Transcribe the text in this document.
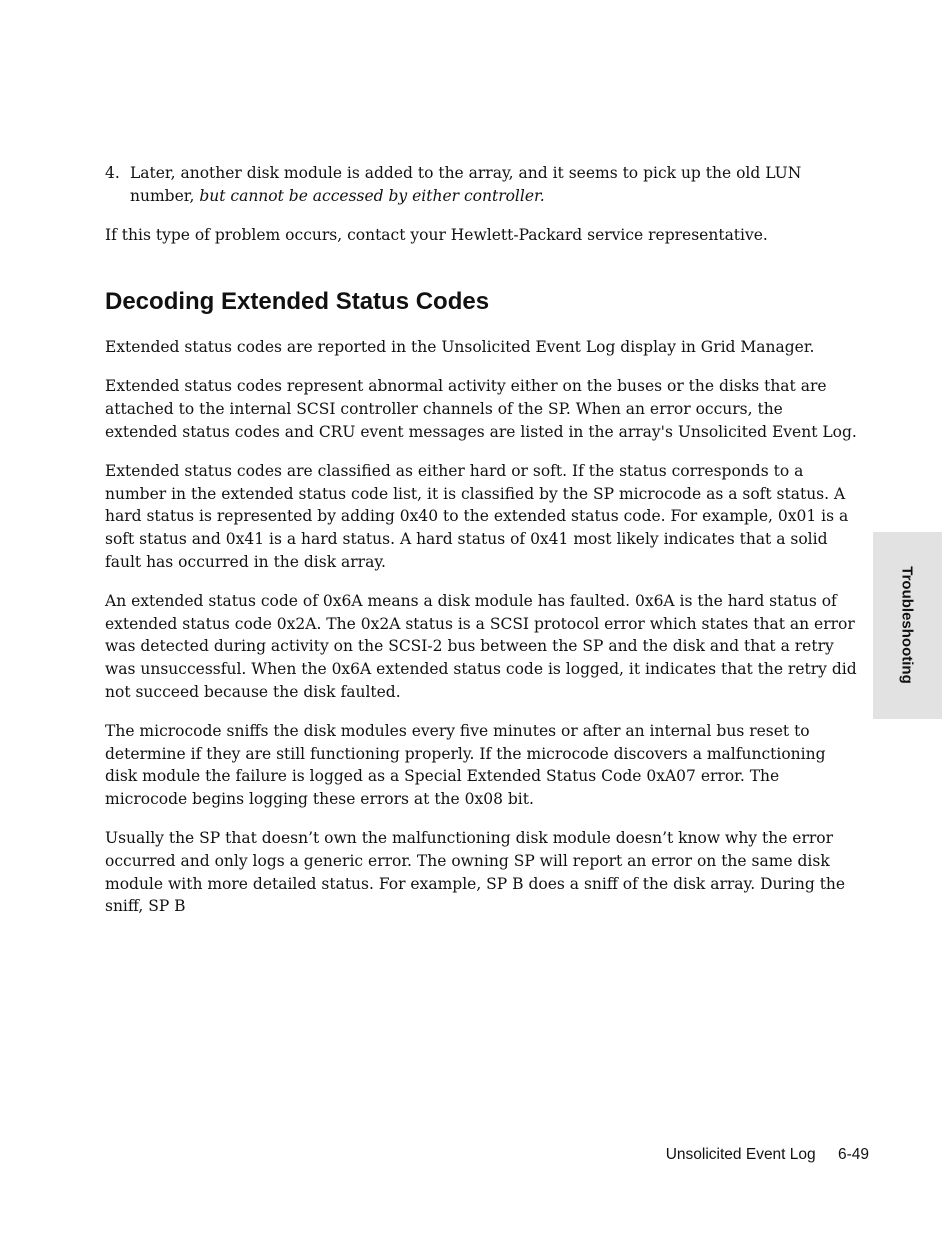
4. Later, another disk module is added to the array, and it seems to pick up the old LUN number, but cannot be accessed by either controller.

If this type of problem occurs, contact your Hewlett-Packard service representative.

Decoding Extended Status Codes

Extended status codes are reported in the Unsolicited Event Log display in Grid Manager.

Extended status codes represent abnormal activity either on the buses or the disks that are attached to the internal SCSI controller channels of the SP. When an error occurs, the extended status codes and CRU event messages are listed in the array's Unsolicited Event Log.

Extended status codes are classified as either hard or soft. If the status corresponds to a number in the extended status code list, it is classified by the SP microcode as a soft status. A hard status is represented by adding 0x40 to the extended status code. For example, 0x01 is a soft status and 0x41 is a hard status. A hard status of 0x41 most likely indicates that a solid fault has occurred in the disk array.

An extended status code of 0x6A means a disk module has faulted. 0x6A is the hard status of extended status code 0x2A. The 0x2A status is a SCSI protocol error which states that an error was detected during activity on the SCSI-2 bus between the SP and the disk and that a retry was unsuccessful. When the 0x6A extended status code is logged, it indicates that the retry did not succeed because the disk faulted.

The microcode sniffs the disk modules every five minutes or after an internal bus reset to determine if they are still functioning properly. If the microcode discovers a malfunctioning disk module the failure is logged as a Special Extended Status Code 0xA07 error. The microcode begins logging these errors at the 0x08 bit.

Usually the SP that doesn’t own the malfunctioning disk module doesn’t know why the error occurred and only logs a generic error. The owning SP will report an error on the same disk module with more detailed status. For example, SP B does a sniff of the disk array. During the sniff, SP B

Troubleshooting
Unsolicited Event Log 6-49
